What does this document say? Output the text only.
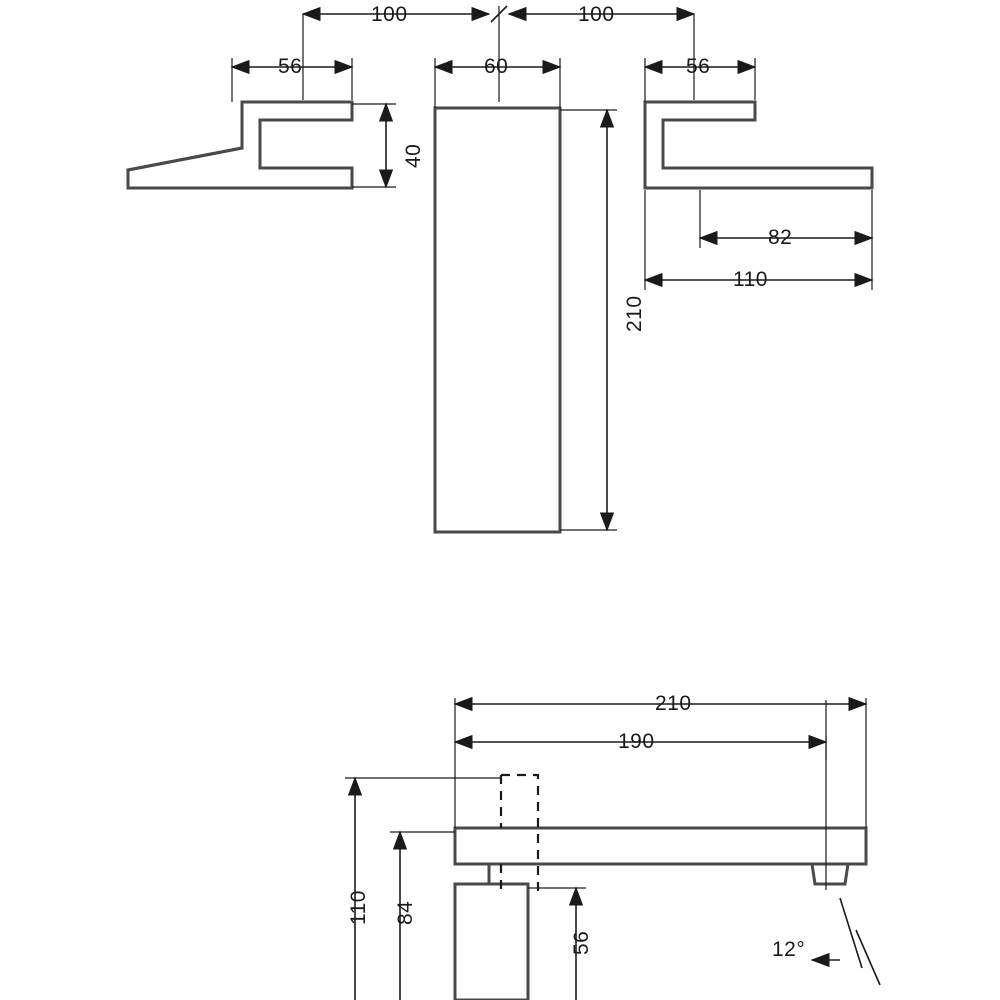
100	100
56	60	56
40
210
82
110
210
190
110 84
56	12°
